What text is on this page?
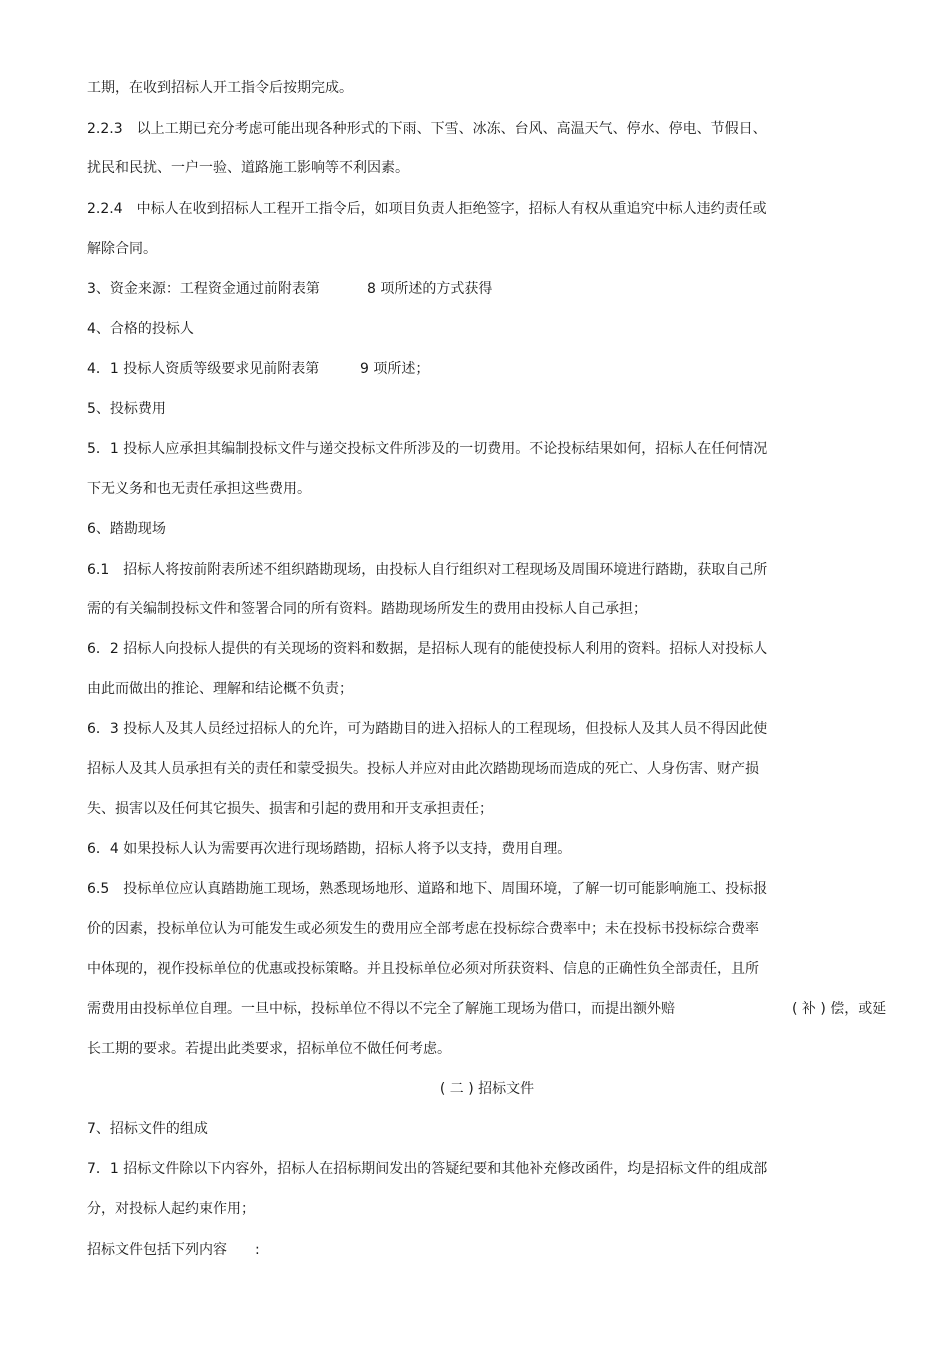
工期，在收到招标人开工指令后按期完成。
2.2.3　以上工期已充分考虑可能出现各种形式的下雨、下雪、冰冻、台风、高温天气、停水、停电、节假日、
扰民和民扰、一户一验、道路施工影响等不利因素。
2.2.4　中标人在收到招标人工程开工指令后，如项目负责人拒绝签字，招标人有权从重追究中标人违约责任或
解除合同。
3、资金来源：工程资金通过前附表第	8 项所述的方式获得
4、合格的投标人
4．1 投标人资质等级要求见前附表第	9 项所述；
5、投标费用
5．1 投标人应承担其编制投标文件与递交投标文件所涉及的一切费用。不论投标结果如何，招标人在任何情况
下无义务和也无责任承担这些费用。
6、踏勘现场
6.1　招标人将按前附表所述不组织踏勘现场，由投标人自行组织对工程现场及周围环境进行踏勘，获取自己所
需的有关编制投标文件和签署合同的所有资料。踏勘现场所发生的费用由投标人自己承担；
6．2 招标人向投标人提供的有关现场的资料和数据，是招标人现有的能使投标人利用的资料。招标人对投标人
由此而做出的推论、理解和结论概不负责；
6．3 投标人及其人员经过招标人的允许，可为踏勘目的进入招标人的工程现场，但投标人及其人员不得因此使
招标人及其人员承担有关的责任和蒙受损失。投标人并应对由此次踏勘现场而造成的死亡、人身伤害、财产损
失、损害以及任何其它损失、损害和引起的费用和开支承担责任；
6．4 如果投标人认为需要再次进行现场踏勘，招标人将予以支持，费用自理。
6.5　投标单位应认真踏勘施工现场，熟悉现场地形、道路和地下、周围环境，了解一切可能影响施工、投标报
价的因素，投标单位认为可能发生或必须发生的费用应全部考虑在投标综合费率中；未在投标书投标综合费率
中体现的，视作投标单位的优惠或投标策略。并且投标单位必须对所获资料、信息的正确性负全部责任，且所
需费用由投标单位自理。一旦中标，投标单位不得以不完全了解施工现场为借口，而提出额外赔	( 补 ) 偿，或延
长工期的要求。若提出此类要求，招标单位不做任何考虑。
( 二 ) 招标文件
7、招标文件的组成
7．1 招标文件除以下内容外，招标人在招标期间发出的答疑纪要和其他补充修改函件，均是招标文件的组成部
分，对投标人起约束作用；
招标文件包括下列内容 :
